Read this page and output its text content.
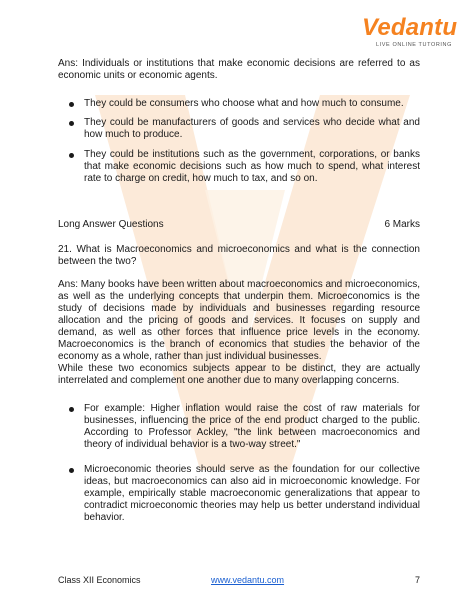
Vedantu
LIVE ONLINE TUTORING

Ans: Individuals or institutions that make economic decisions are referred to as economic units or economic agents.

They could be consumers who choose what and how much to consume.
They could be manufacturers of goods and services who decide what and how much to produce.
They could be institutions such as the government, corporations, or banks that make economic decisions such as how much to spend, what interest rate to charge on credit, how much to tax, and so on.
Long Answer Questions	6 Marks

21. What is Macroeconomics and microeconomics and what is the connection between the two?

Ans: Many books have been written about macroeconomics and microeconomics, as well as the underlying concepts that underpin them. Microeconomics is the study of decisions made by individuals and businesses regarding resource allocation and the pricing of goods and services. It focuses on supply and demand, as well as other forces that influence price levels in the economy. Macroeconomics is the branch of economics that studies the behavior of the economy as a whole, rather than just individual businesses.

While these two economics subjects appear to be distinct, they are actually interrelated and complement one another due to many overlapping concerns.

For example: Higher inflation would raise the cost of raw materials for businesses, influencing the price of the end product charged to the public. According to Professor Ackley, "the link between macroeconomics and theory of individual behavior is a two-way street."
Microeconomic theories should serve as the foundation for our collective ideas, but macroeconomics can also aid in microeconomic knowledge. For example, empirically stable macroeconomic generalizations that appear to contradict microeconomic theories may help us better understand individual behavior.
Class XII Economics	www.vedantu.com	7
